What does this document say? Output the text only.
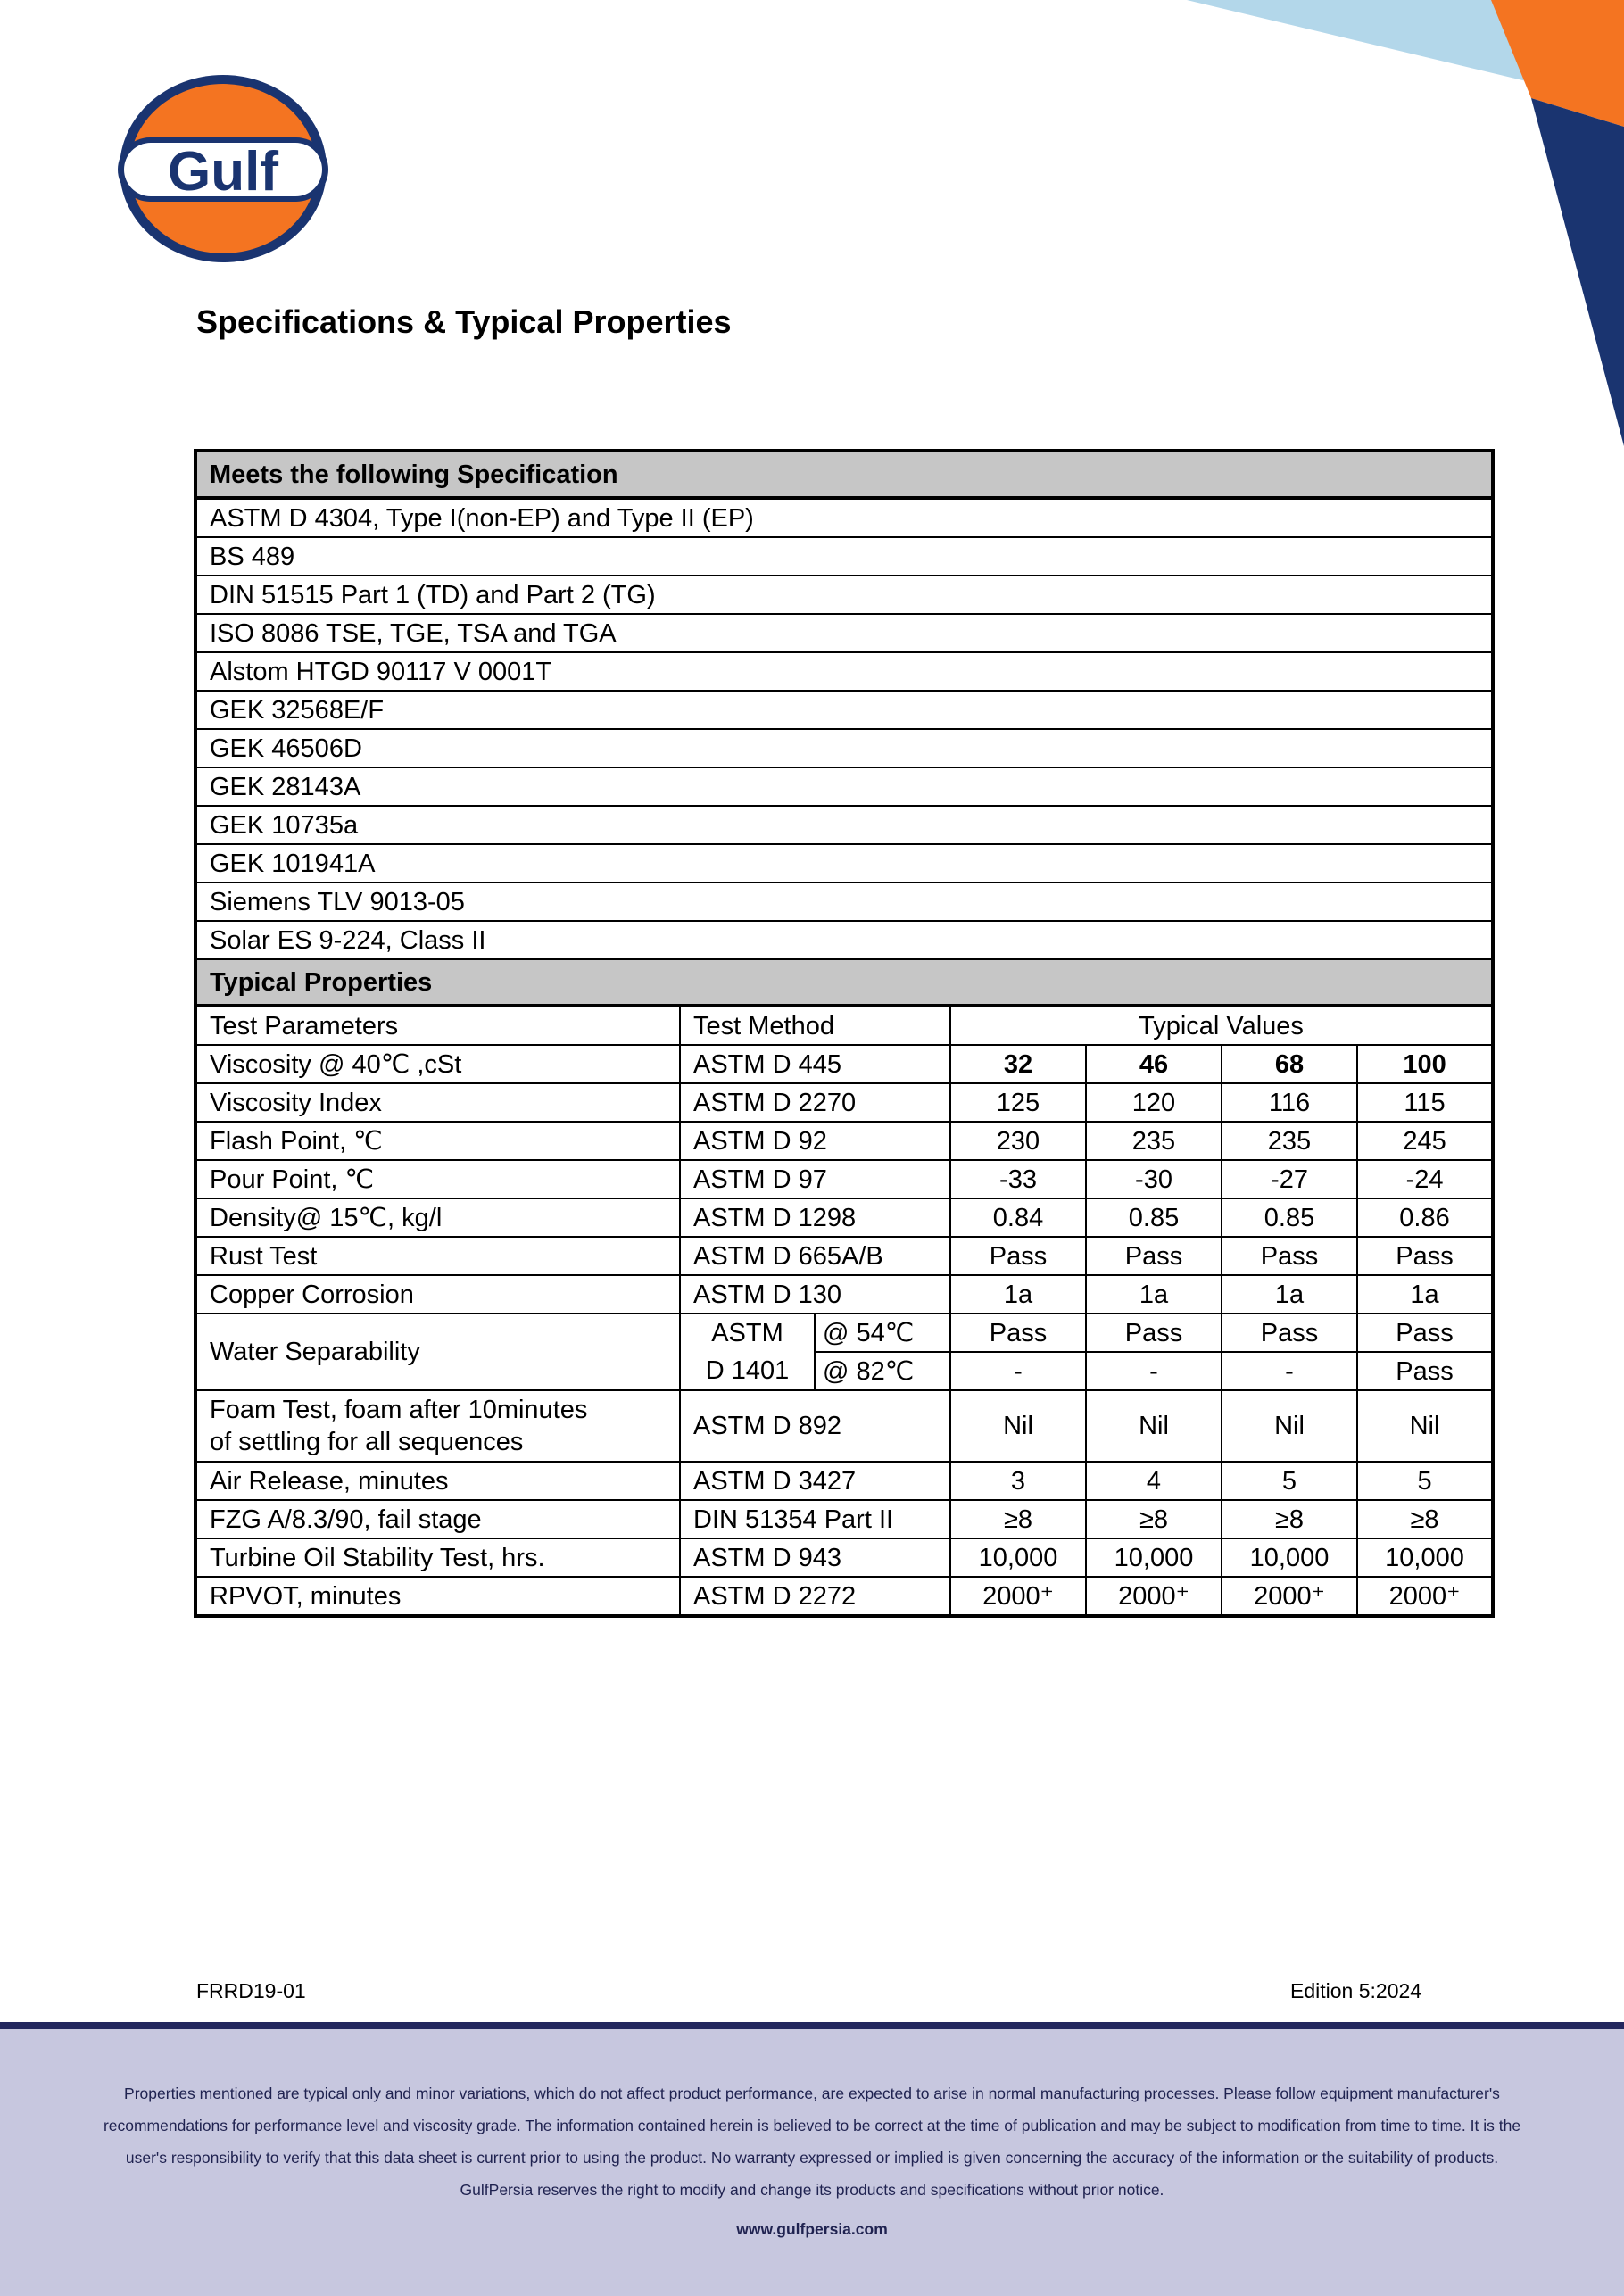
Gulf
Specifications & Typical Properties
Meets the following Specification						
ASTM D 4304, Type I(non-EP) and Type II (EP)						
BS 489						
DIN 51515 Part 1 (TD) and Part 2 (TG)						
ISO 8086 TSE, TGE, TSA and TGA						
Alstom HTGD 90117 V 0001T						
GEK 32568E/F						
GEK 46506D						
GEK 28143A						
GEK 10735a						
GEK 101941A						
Siemens TLV 9013-05						
Solar ES 9-224, Class II						
Typical Properties						
Test Parameters	Test Method		Typical Values			
Viscosity @ 40℃ ,cSt	ASTM D 445		32	46	68	100
Viscosity Index	ASTM D 2270		125	120	116	115
Flash Point, ℃	ASTM D 92		230	235	235	245
Pour Point, ℃	ASTM D 97		-33	-30	-27	-24
Density@ 15℃, kg/l	ASTM D 1298		0.84	0.85	0.85	0.86
Rust Test	ASTM D 665A/B		Pass	Pass	Pass	Pass
Copper Corrosion	ASTM D 130		1a	1a	1a	1a
Water Separability	ASTM	@ 54℃	Pass	Pass	Pass	Pass
	D 1401	@ 82℃	-	-	-	Pass
Foam Test, foam after 10minutes
of settling for all sequences	ASTM D 892		Nil	Nil	Nil	Nil
Air Release, minutes	ASTM D 3427		3	4	5	5
FZG A/8.3/90, fail stage	DIN 51354 Part II		≥8	≥8	≥8	≥8
Turbine Oil Stability Test, hrs.	ASTM D 943		10,000	10,000	10,000	10,000
RPVOT, minutes	ASTM D 2272		2000⁺	2000⁺	2000⁺	2000⁺
FRRD19-01	Edition 5:2024
Properties mentioned are typical only and minor variations, which do not affect product performance, are expected to arise in normal manufacturing processes. Please follow equipment manufacturer's
recommendations for performance level and viscosity grade. The information contained herein is believed to be correct at the time of publication and may be subject to modification from time to time. It is the
user's responsibility to verify that this data sheet is current prior to using the product. No warranty expressed or implied is given concerning the accuracy of the information or the suitability of products.
GulfPersia reserves the right to modify and change its products and specifications without prior notice.
www.gulfpersia.com
